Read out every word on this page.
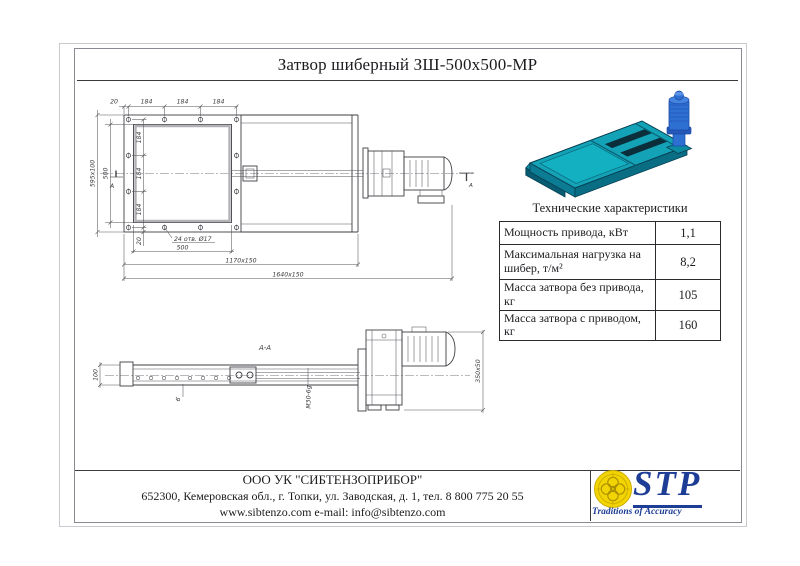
Затвор шиберный ЗШ-500х500-МР
А	А
20	184	184	184
595х100 500
184
184
184
20	24 отв. Ø17
500
1170х150
1640х150
Технические характеристики
Мощность привода, кВт	1,1
Максимальная нагрузка на шибер, т/м²	8,2
Масса затвора без привода, кг	105
Масса затвора с приводом, кг	160
А-А
100
6	М30-6g
350х50
ООО УК "СИБТЕНЗОПРИБОР"
652300, Кемеровская обл., г. Топки, ул. Заводская, д. 1, тел. 8 800 775 20 55
www.sibtenzo.com e-mail: info@sibtenzo.com
STP
Traditions of Accuracy
